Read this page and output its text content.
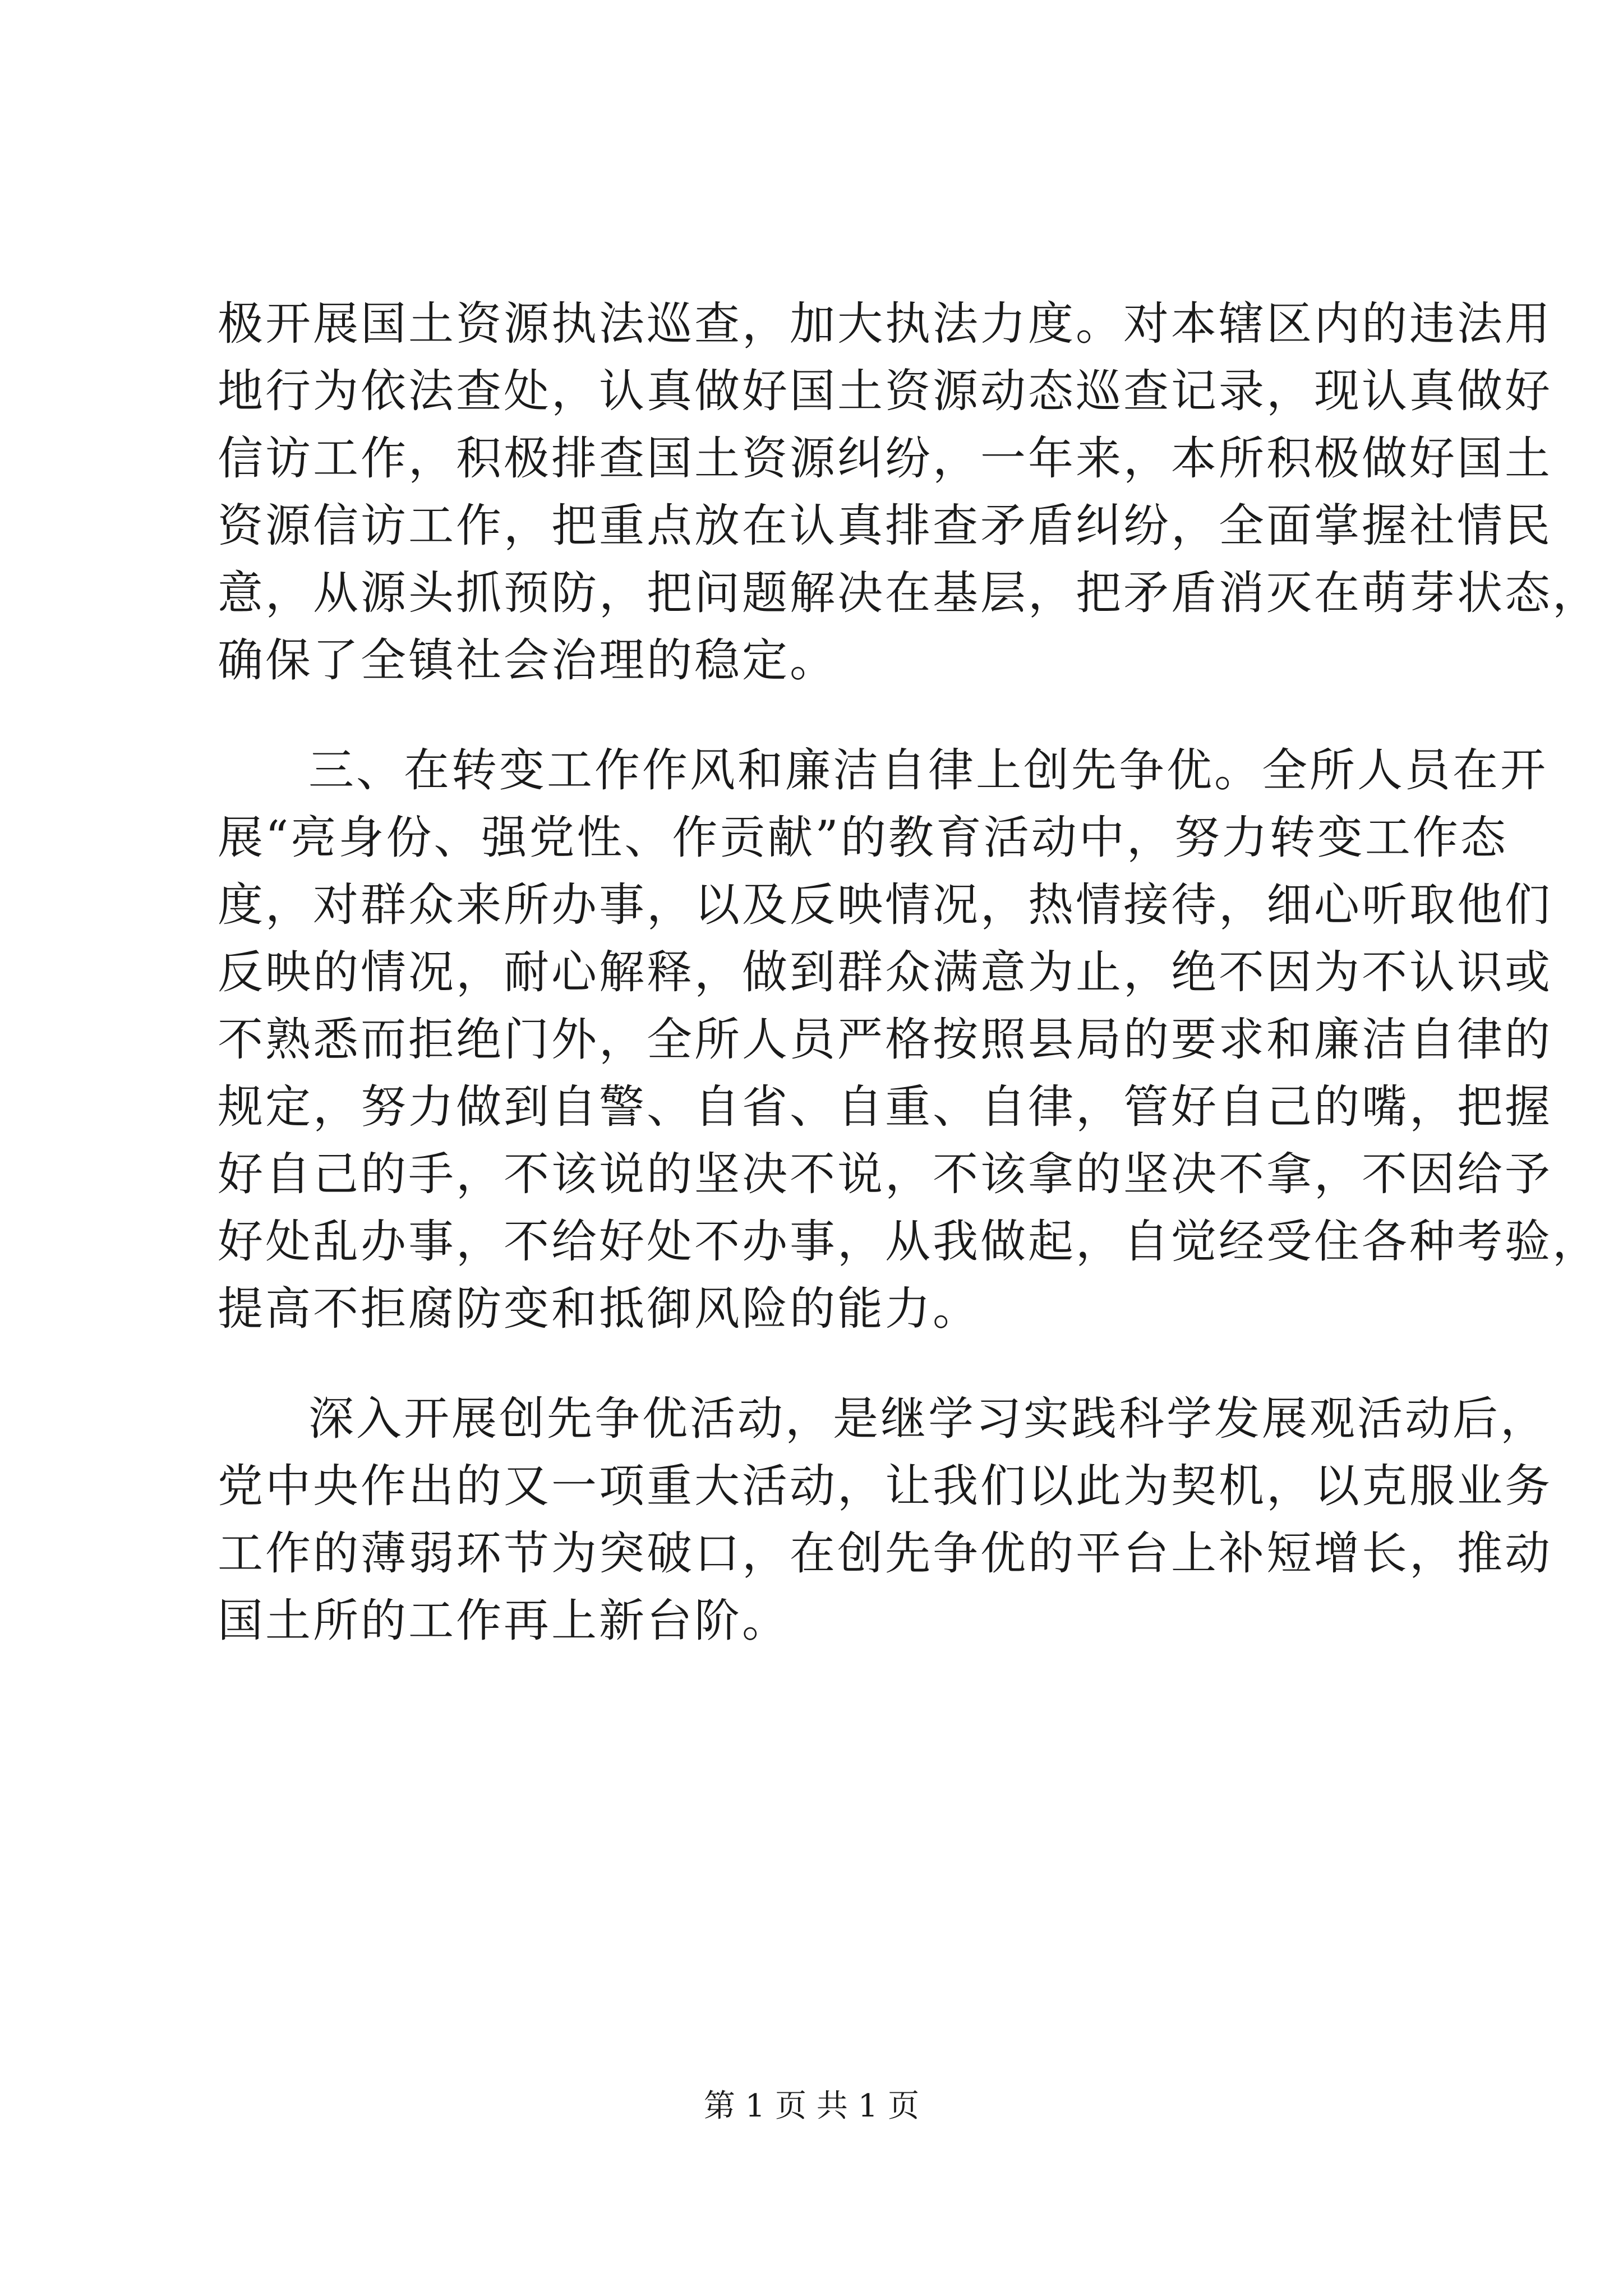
极开展国土资源执法巡查，加大执法力度。对本辖区内的违法用
地行为依法查处，认真做好国土资源动态巡查记录，现认真做好
信访工作，积极排查国土资源纠纷，一年来，本所积极做好国土
资源信访工作，把重点放在认真排查矛盾纠纷，全面掌握社情民
意，从源头抓预防，把问题解决在基层，把矛盾消灭在萌芽状态，
确保了全镇社会治理的稳定。
三、在转变工作作风和廉洁自律上创先争优。全所人员在开
展“亮身份、强党性、作贡献”的教育活动中，努力转变工作态
度，对群众来所办事，以及反映情况，热情接待，细心听取他们
反映的情况，耐心解释，做到群众满意为止，绝不因为不认识或
不熟悉而拒绝门外，全所人员严格按照县局的要求和廉洁自律的
规定，努力做到自警、自省、自重、自律，管好自己的嘴，把握
好自己的手，不该说的坚决不说，不该拿的坚决不拿，不因给予
好处乱办事，不给好处不办事，从我做起，自觉经受住各种考验，
提高不拒腐防变和抵御风险的能力。
深入开展创先争优活动，是继学习实践科学发展观活动后，
党中央作出的又一项重大活动，让我们以此为契机，以克服业务
工作的薄弱环节为突破口，在创先争优的平台上补短增长，推动
国土所的工作再上新台阶。
第 1 页 共 1 页
